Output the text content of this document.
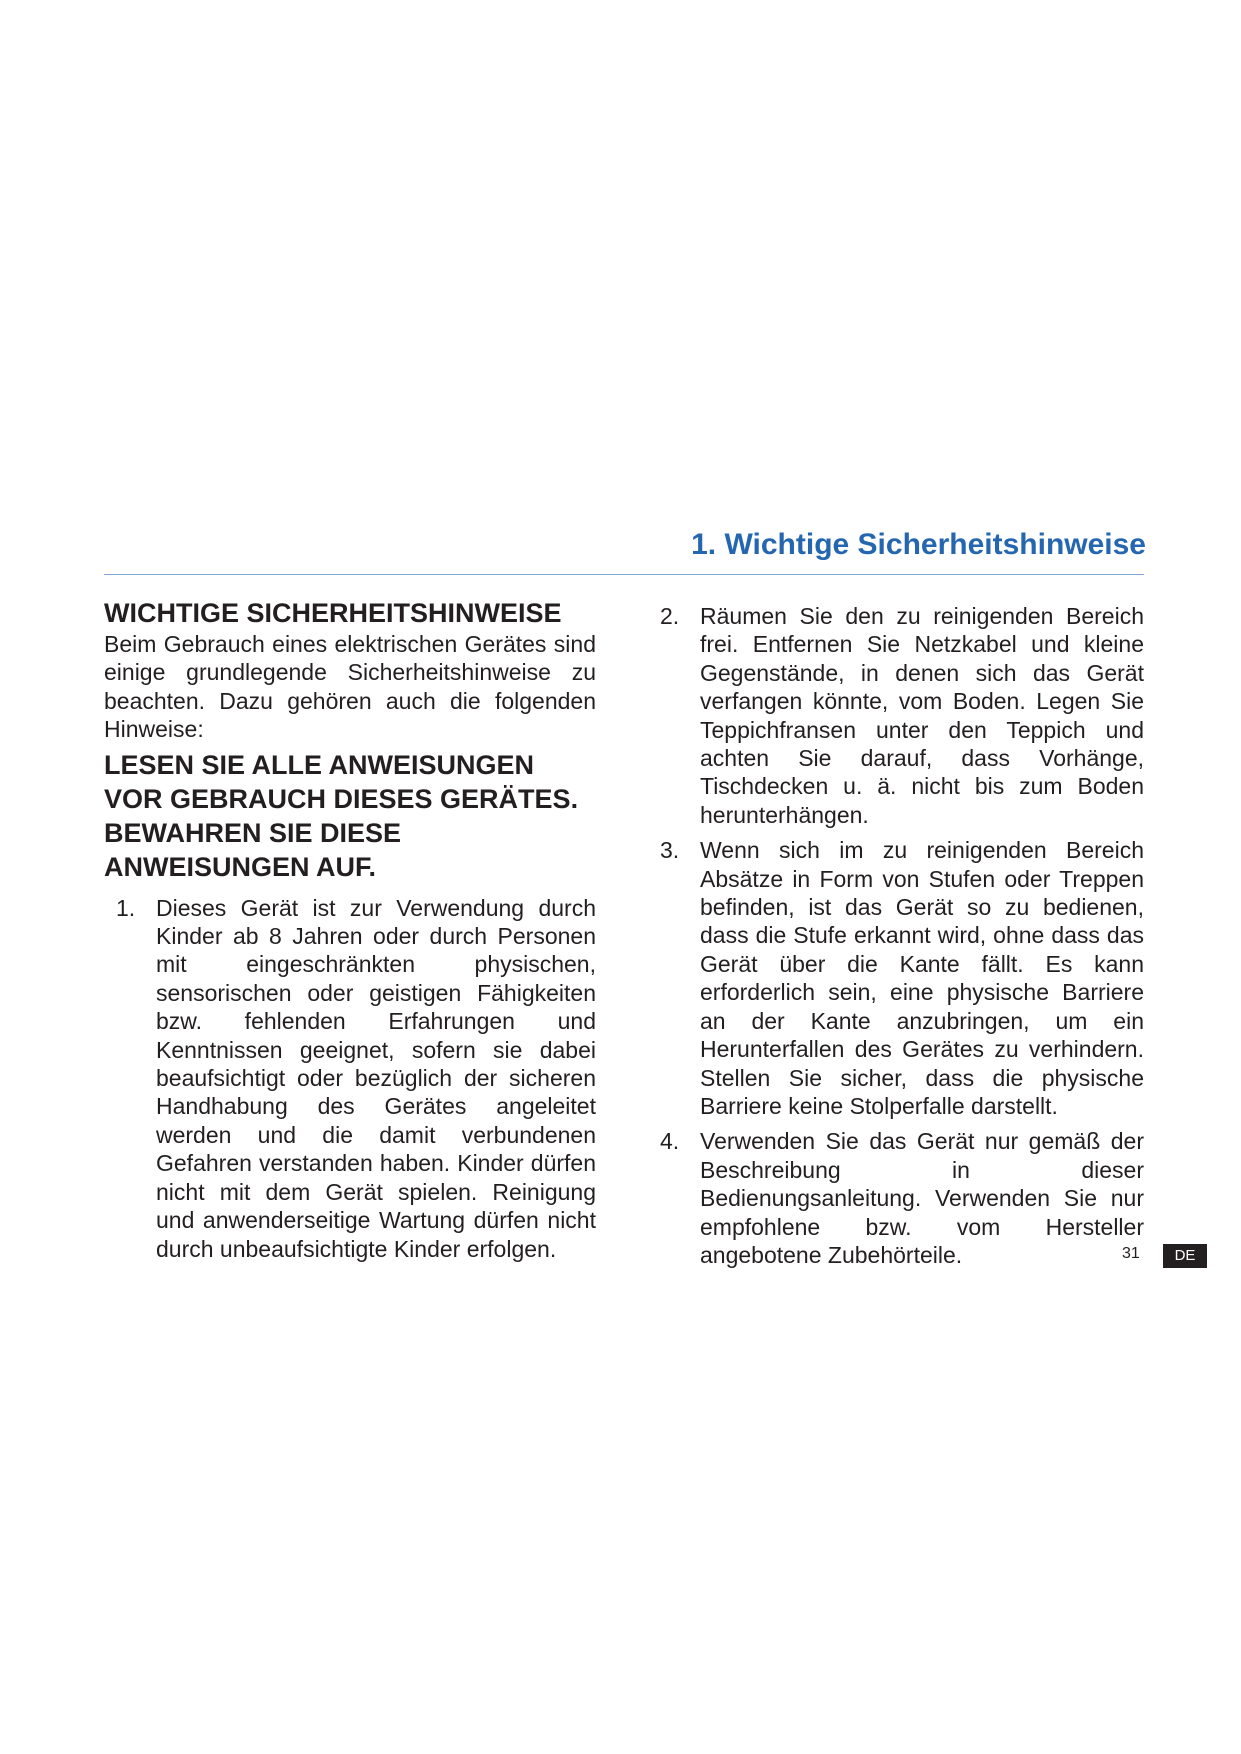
1. Wichtige Sicherheitshinweise
WICHTIGE SICHERHEITSHINWEISE

Beim Gebrauch eines elektrischen Gerätes sind einige grundlegende Sicherheitshinweise zu beachten. Dazu gehören auch die folgenden Hinweise:

LESEN SIE ALLE ANWEISUNGEN VOR GEBRAUCH DIESES GERÄTES. BEWAHREN SIE DIESE ANWEISUNGEN AUF.

1. Dieses Gerät ist zur Verwendung durch Kinder ab 8 Jahren oder durch Personen mit eingeschränkten physischen, sensorischen oder geistigen Fähigkeiten bzw. fehlenden Erfahrungen und Kenntnissen geeignet, sofern sie dabei beaufsichtigt oder bezüglich der sicheren Handhabung des Gerätes angeleitet werden und die damit verbundenen Gefahren verstanden haben. Kinder dürfen nicht mit dem Gerät spielen. Reinigung und anwenderseitige Wartung dürfen nicht durch unbeaufsichtigte Kinder erfolgen.
2. Räumen Sie den zu reinigenden Bereich frei. Entfernen Sie Netzkabel und kleine Gegenstände, in denen sich das Gerät verfangen könnte, vom Boden. Legen Sie Teppichfransen unter den Teppich und achten Sie darauf, dass Vorhänge, Tischdecken u. ä. nicht bis zum Boden herunterhängen.
3. Wenn sich im zu reinigenden Bereich Absätze in Form von Stufen oder Treppen befinden, ist das Gerät so zu bedienen, dass die Stufe erkannt wird, ohne dass das Gerät über die Kante fällt. Es kann erforderlich sein, eine physische Barriere an der Kante anzubringen, um ein Herunterfallen des Gerätes zu verhindern. Stellen Sie sicher, dass die physische Barriere keine Stolperfalle darstellt.
4. Verwenden Sie das Gerät nur gemäß der Beschreibung in dieser Bedienungsanleitung. Verwenden Sie nur empfohlene bzw. vom Hersteller angebotene Zubehörteile.	31	DE
